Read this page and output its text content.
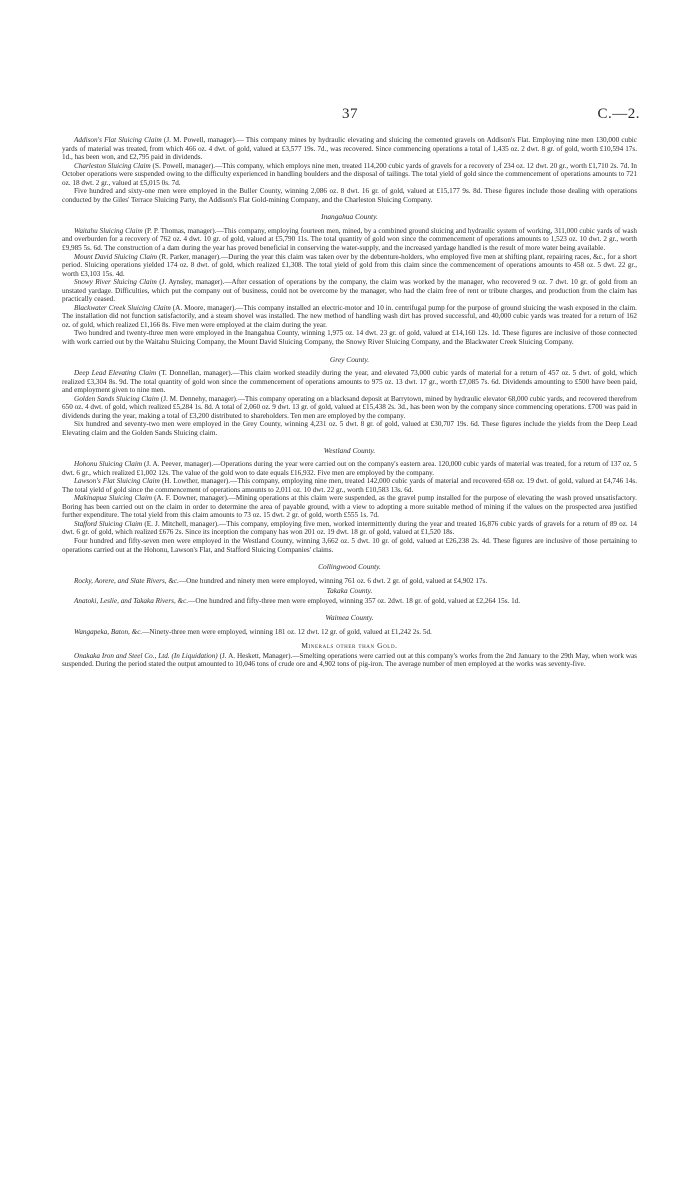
37	C.—2.

Addison's Flat Sluicing Claim (J. M. Powell, manager).— This company mines by hydraulic elevating and sluicing the cemented gravels on Addison's Flat. Employing nine men 130,000 cubic yards of material was treated, from which 466 oz. 4 dwt. of gold, valued at £3,577 19s. 7d., was recovered. Since commencing operations a total of 1,435 oz. 2 dwt. 8 gr. of gold, worth £10,594 17s. 1d., has been won, and £2,795 paid in dividends.

Charleston Sluicing Claim (S. Powell, manager).—This company, which employs nine men, treated 114,200 cubic yards of gravels for a recovery of 234 oz. 12 dwt. 20 gr., worth £1,710 2s. 7d. In October operations were suspended owing to the difficulty experienced in handling boulders and the disposal of tailings. The total yield of gold since the commencement of operations amounts to 721 oz. 18 dwt. 2 gr., valued at £5,015 0s. 7d.

Five hundred and sixty-one men were employed in the Buller County, winning 2,086 oz. 8 dwt. 16 gr. of gold, valued at £15,177 9s. 8d. These figures include those dealing with operations conducted by the Giles' Terrace Sluicing Party, the Addison's Flat Gold-mining Company, and the Charleston Sluicing Company.

Inangahua County.

Waitahu Sluicing Claim (P. P. Thomas, manager).—This company, employing fourteen men, mined, by a combined ground sluicing and hydraulic system of working, 311,000 cubic yards of wash and overburden for a recovery of 762 oz. 4 dwt. 10 gr. of gold, valued at £5,790 11s. The total quantity of gold won since the commencement of operations amounts to 1,523 oz. 10 dwt. 2 gr., worth £9,985 5s. 6d. The construction of a dam during the year has proved beneficial in conserving the water-supply, and the increased yardage handled is the result of more water being available.

Mount David Sluicing Claim (R. Parker, manager).—During the year this claim was taken over by the debenture-holders, who employed five men at shifting plant, repairing races, &c., for a short period. Sluicing operations yielded 174 oz. 8 dwt. of gold, which realized £1,308. The total yield of gold from this claim since the commencement of operations amounts to 458 oz. 5 dwt. 22 gr., worth £3,103 15s. 4d.

Snowy River Sluicing Claim (J. Aynsley, manager).—After cessation of operations by the company, the claim was worked by the manager, who recovered 9 oz. 7 dwt. 10 gr. of gold from an unstated yardage. Difficulties, which put the company out of business, could not be overcome by the manager, who had the claim free of rent or tribute charges, and production from the claim has practically ceased.

Blackwater Creek Sluicing Claim (A. Moore, manager).—This company installed an electric-motor and 10 in. centrifugal pump for the purpose of ground sluicing the wash exposed in the claim. The installation did not function satisfactorily, and a steam shovel was installed. The new method of handling wash dirt has proved successful, and 40,000 cubic yards was treated for a return of 162 oz. of gold, which realized £1,166 8s. Five men were employed at the claim during the year.

Two hundred and twenty-three men were employed in the Inangahua County, winning 1,975 oz. 14 dwt. 23 gr. of gold, valued at £14,160 12s. 1d. These figures are inclusive of those connected with work carried out by the Waitahu Sluicing Company, the Mount David Sluicing Company, the Snowy River Sluicing Company, and the Blackwater Creek Sluicing Company.

Grey County.

Deep Lead Elevating Claim (T. Donnellan, manager).—This claim worked steadily during the year, and elevated 73,000 cubic yards of material for a return of 457 oz. 5 dwt. of gold, which realized £3,304 8s. 9d. The total quantity of gold won since the commencement of operations amounts to 975 oz. 13 dwt. 17 gr., worth £7,085 7s. 6d. Dividends amounting to £500 have been paid, and employment given to nine men.

Golden Sands Sluicing Claim (J. M. Dennehy, manager).—This company operating on a blacksand deposit at Barrytown, mined by hydraulic elevator 68,000 cubic yards, and recovered therefrom 650 oz. 4 dwt. of gold, which realized £5,284 1s. 8d. A total of 2,060 oz. 9 dwt. 13 gr. of gold, valued at £15,438 2s. 3d., has been won by the company since commencing operations. £700 was paid in dividends during the year, making a total of £3,200 distributed to shareholders. Ten men are employed by the company.

Six hundred and seventy-two men were employed in the Grey County, winning 4,231 oz. 5 dwt. 8 gr. of gold, valued at £30,707 19s. 6d. These figures include the yields from the Deep Lead Elevating claim and the Golden Sands Sluicing claim.

Westland County.

Hohonu Sluicing Claim (J. A. Peever, manager).—Operations during the year were carried out on the company's eastern area. 120,000 cubic yards of material was treated, for a return of 137 oz. 5 dwt. 6 gr., which realized £1,002 12s. The value of the gold won to date equals £16,932. Five men are employed by the company.

Lawson's Flat Sluicing Claim (H. Lowther, manager).—This company, employing nine men, treated 142,000 cubic yards of material and recovered 658 oz. 19 dwt. of gold, valued at £4,746 14s. The total yield of gold since the commencement of operations amounts to 2,011 oz. 10 dwt. 22 gr., worth £10,583 13s. 6d.

Makinapua Sluicing Claim (A. F. Downer, manager).—Mining operations at this claim were suspended, as the gravel pump installed for the purpose of elevating the wash proved unsatisfactory. Boring has been carried out on the claim in order to determine the area of payable ground, with a view to adopting a more suitable method of mining if the values on the prospected area justified further expenditure. The total yield from this claim amounts to 73 oz. 15 dwt. 2 gr. of gold, worth £555 1s. 7d.

Stafford Sluicing Claim (E. J. Mitchell, manager).—This company, employing five men, worked intermittently during the year and treated 16,876 cubic yards of gravels for a return of 89 oz. 14 dwt. 6 gr. of gold, which realized £676 2s. Since its inception the company has won 201 oz. 19 dwt. 18 gr. of gold, valued at £1,520 18s.

Four hundred and fifty-seven men were employed in the Westland County, winning 3,662 oz. 5 dwt. 10 gr. of gold, valued at £26,238 2s. 4d. These figures are inclusive of those pertaining to operations carried out at the Hohonu, Lawson's Flat, and Stafford Sluicing Companies' claims.

Collingwood County.

Rocky, Aorere, and Slate Rivers, &c.—One hundred and ninety men were employed, winning 761 oz. 6 dwt. 2 gr. of gold, valued at £4,902 17s.

Takaka County.

Anatoki, Leslie, and Takaka Rivers, &c.—One hundred and fifty-three men were employed, winning 357 oz. 2dwt. 18 gr. of gold, valued at £2,264 15s. 1d.

Waimea County.

Wangapeka, Baton, &c.—Ninety-three men were employed, winning 181 oz. 12 dwt. 12 gr. of gold, valued at £1,242 2s. 5d.

Minerals other than Gold.

Onakaka Iron and Steel Co., Ltd. (In Liquidation) (J. A. Heskett, Manager).—Smelting operations were carried out at this company's works from the 2nd January to the 29th May, when work was suspended. During the period stated the output amounted to 10,046 tons of crude ore and 4,902 tons of pig-iron. The average number of men employed at the works was seventy-five.
